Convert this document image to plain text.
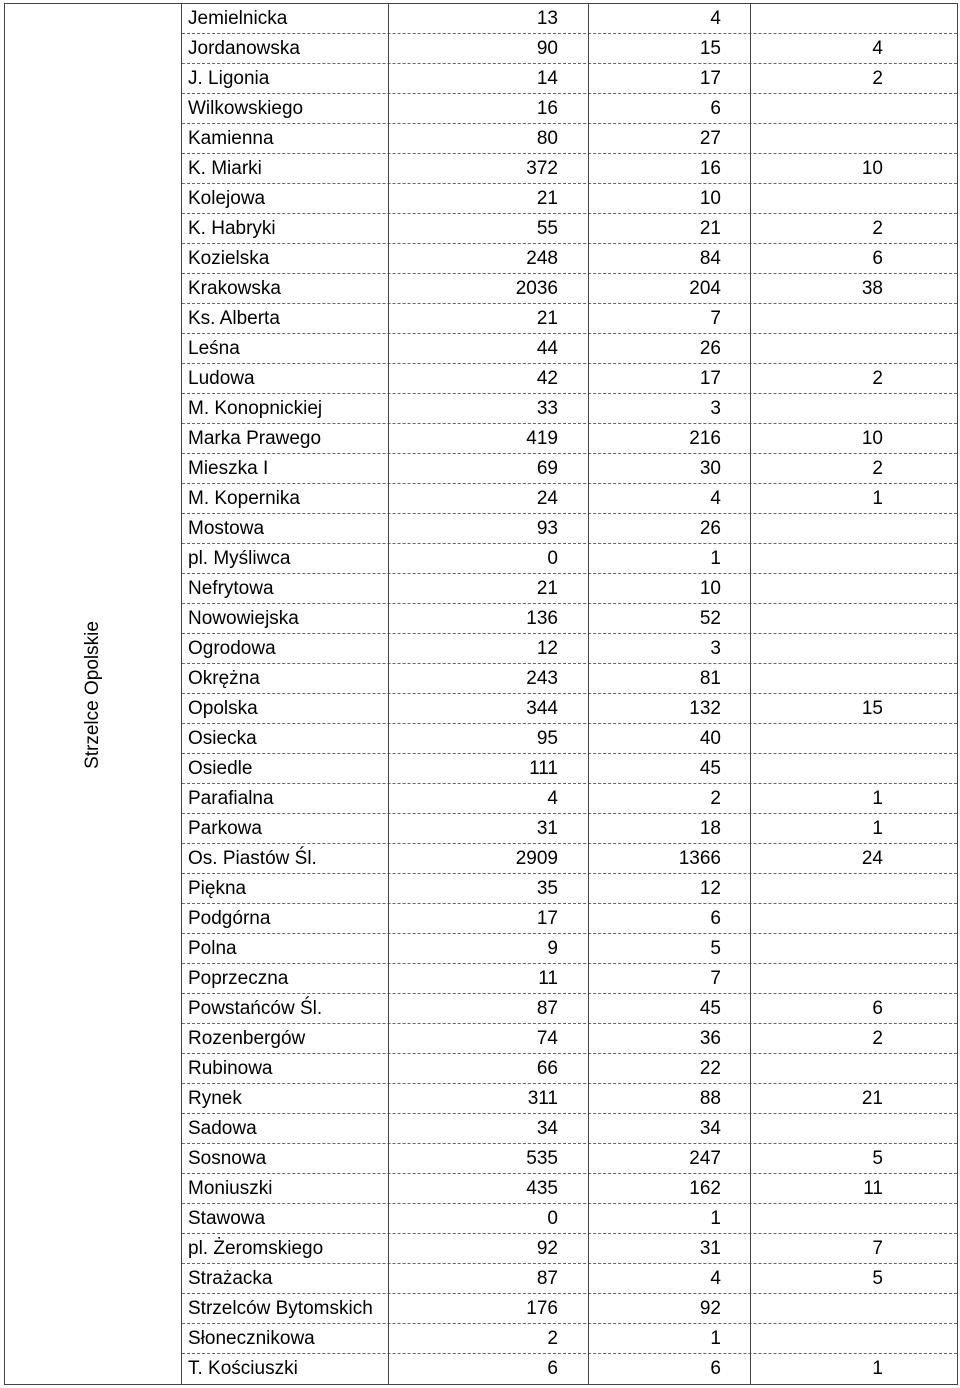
Strzelce Opolskie
Jemielnicka	13	4
Jordanowska	90	15	4
J. Ligonia	14	17	2
Wilkowskiego	16	6
Kamienna	80	27
K. Miarki	372	16	10
Kolejowa	21	10
K. Habryki	55	21	2
Kozielska	248	84	6
Krakowska	2036	204	38
Ks. Alberta	21	7
Leśna	44	26
Ludowa	42	17	2
M. Konopnickiej	33	3
Marka Prawego	419	216	10
Mieszka I	69	30	2
M. Kopernika	24	4	1
Mostowa	93	26
pl. Myśliwca	0	1
Nefrytowa	21	10
Nowowiejska	136	52
Ogrodowa	12	3
Okrężna	243	81
Opolska	344	132	15
Osiecka	95	40
Osiedle	111	45
Parafialna	4	2	1
Parkowa	31	18	1
Os. Piastów Śl.	2909	1366	24
Piękna	35	12
Podgórna	17	6
Polna	9	5
Poprzeczna	11	7
Powstańców Śl.	87	45	6
Rozenbergów	74	36	2
Rubinowa	66	22
Rynek	311	88	21
Sadowa	34	34
Sosnowa	535	247	5
Moniuszki	435	162	11
Stawowa	0	1
pl. Żeromskiego	92	31	7
Strażacka	87	4	5
Strzelców Bytomskich	176	92
Słonecznikowa	2	1
T. Kościuszki	6	6	1
